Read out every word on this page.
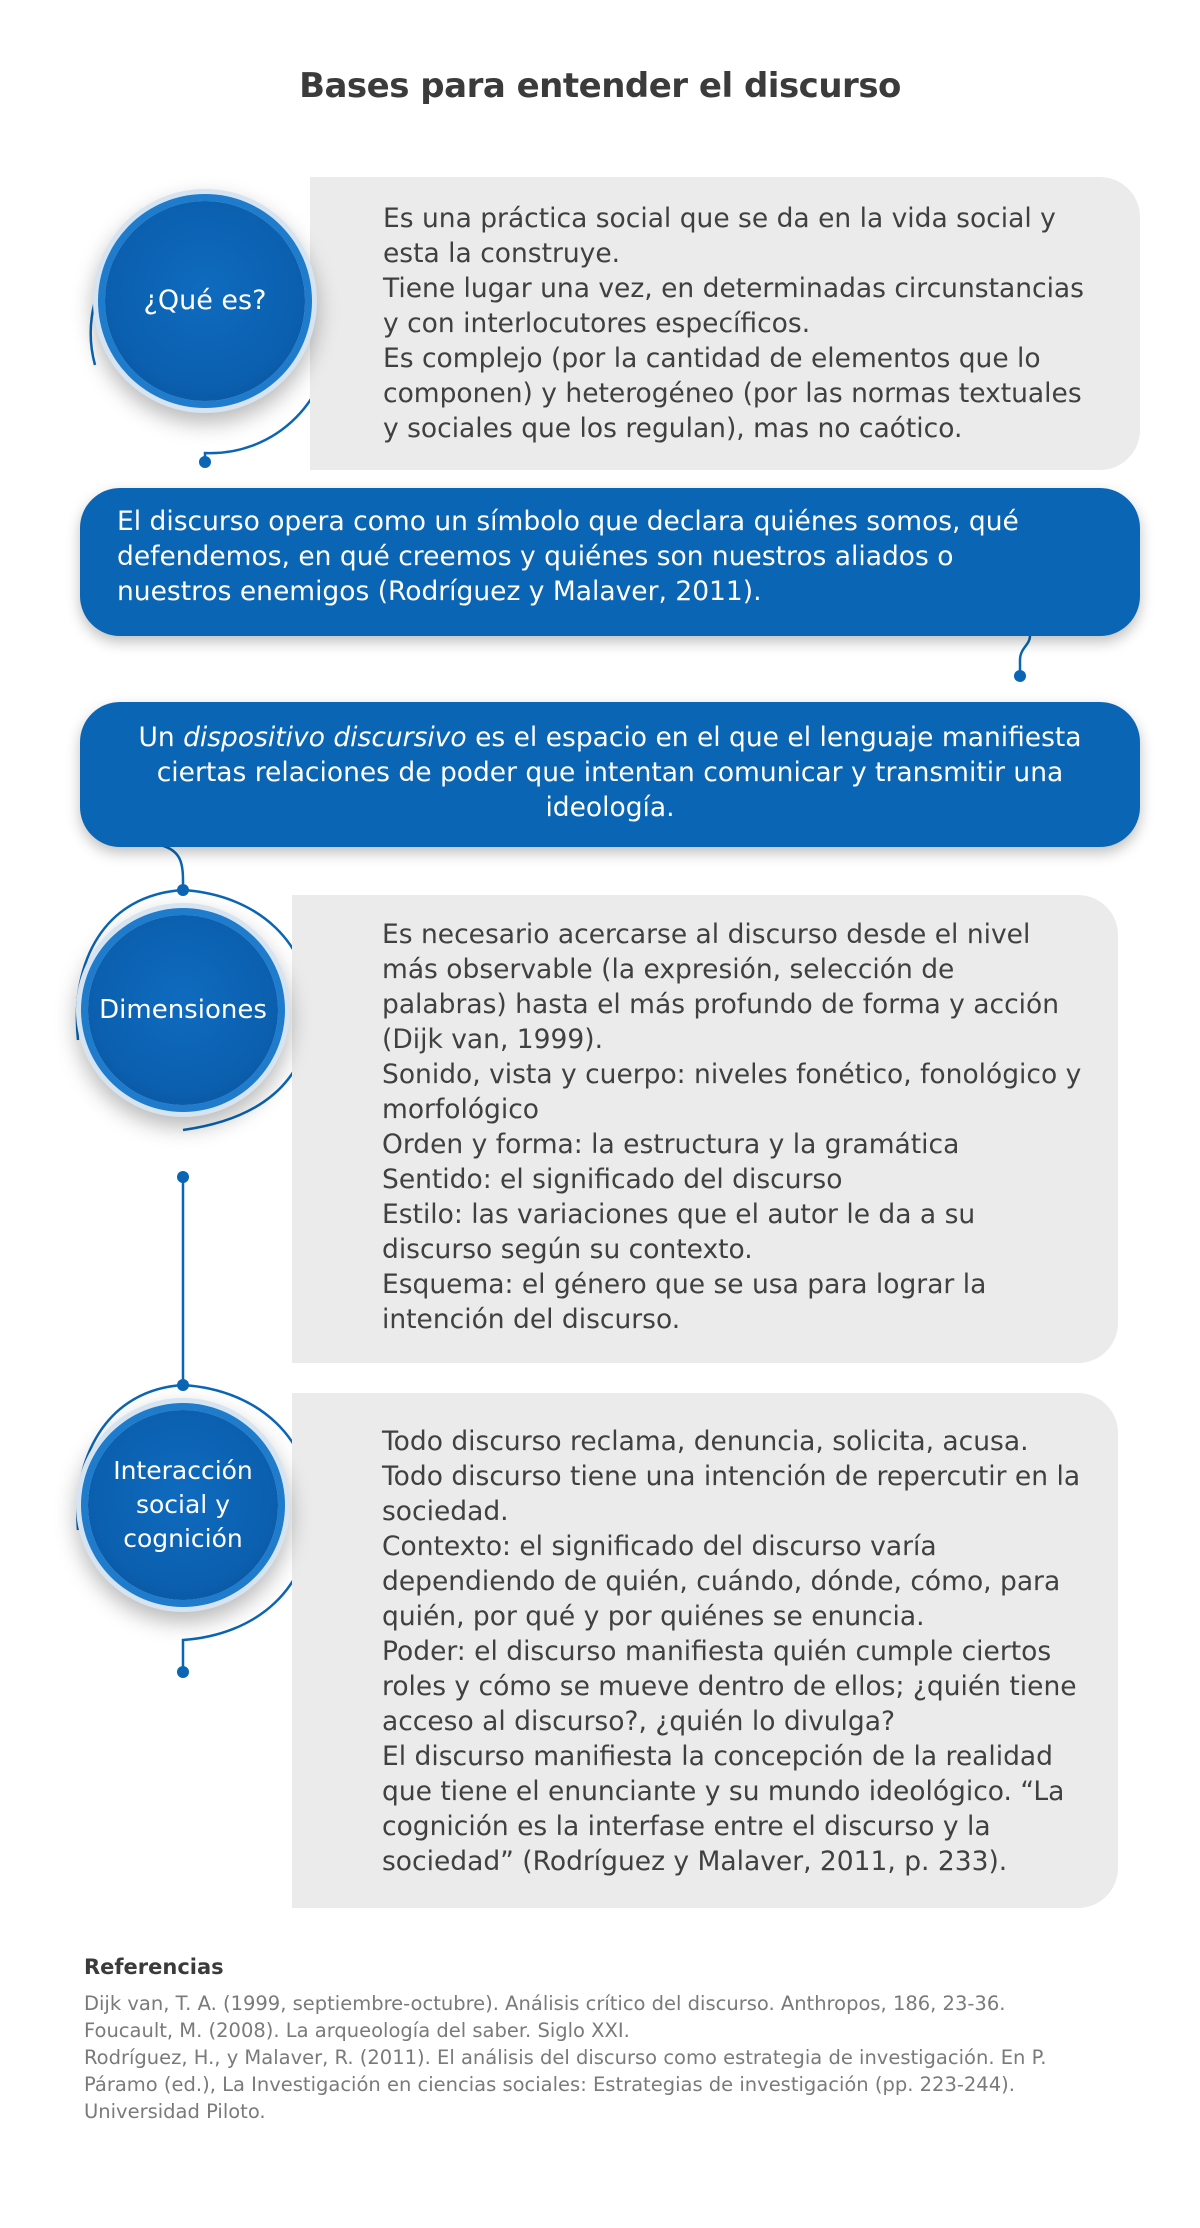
Bases para entender el discurso
¿Qué es?
Es una práctica social que se da en la vida social y
esta la construye.
Tiene lugar una vez, en determinadas circunstancias
y con interlocutores específicos.
Es complejo (por la cantidad de elementos que lo
componen) y heterogéneo (por las normas textuales
y sociales que los regulan), mas no caótico.
El discurso opera como un símbolo que declara quiénes somos, qué
defendemos, en qué creemos y quiénes son nuestros aliados o
nuestros enemigos (Rodríguez y Malaver, 2011).
Un dispositivo discursivo es el espacio en el que el lenguaje manifiesta
ciertas relaciones de poder que intentan comunicar y transmitir una
ideología.
Dimensiones
Es necesario acercarse al discurso desde el nivel
más observable (la expresión, selección de
palabras) hasta el más profundo de forma y acción
(Dijk van, 1999).
Sonido, vista y cuerpo: niveles fonético, fonológico y
morfológico
Orden y forma: la estructura y la gramática
Sentido: el significado del discurso
Estilo: las variaciones que el autor le da a su
discurso según su contexto.
Esquema: el género que se usa para lograr la
intención del discurso.
Interacción
social y
cognición
Todo discurso reclama, denuncia, solicita, acusa.
Todo discurso tiene una intención de repercutir en la
sociedad.
Contexto: el significado del discurso varía
dependiendo de quién, cuándo, dónde, cómo, para
quién, por qué y por quiénes se enuncia.
Poder: el discurso manifiesta quién cumple ciertos
roles y cómo se mueve dentro de ellos; ¿quién tiene
acceso al discurso?, ¿quién lo divulga?
El discurso manifiesta la concepción de la realidad
que tiene el enunciante y su mundo ideológico. “La
cognición es la interfase entre el discurso y la
sociedad” (Rodríguez y Malaver, 2011, p. 233).
Referencias
Dijk van, T. A. (1999, septiembre-octubre). Análisis crítico del discurso. Anthropos, 186, 23-36.
Foucault, M. (2008). La arqueología del saber. Siglo XXI.
Rodríguez, H., y Malaver, R. (2011). El análisis del discurso como estrategia de investigación. En P.
Páramo (ed.), La Investigación en ciencias sociales: Estrategias de investigación (pp. 223-244).
Universidad Piloto.
